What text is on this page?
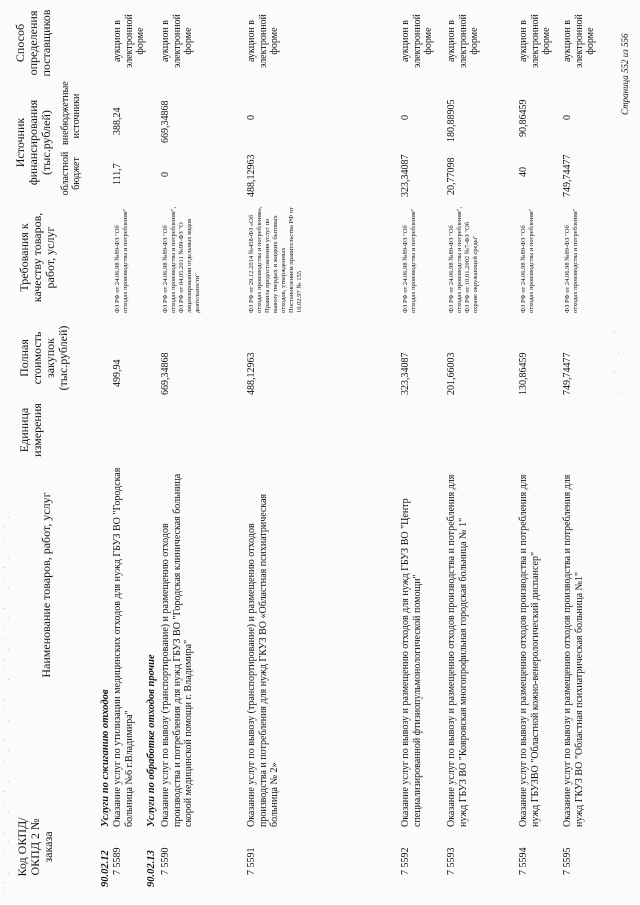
· ˙ ' . · ˙ . ' · . ˙ ' . · ˙ . ' · . ˙ ' · . ˙ ' . · ˙ . ' · . ˙ ' . · ˙ ' . Код ОКПД/ ОКПД 2 № заказа
Наименование товаров, работ, услуг
Единица измерения
Полная стоимость закупок (тыс.рублей)
Требования к качеству товаров, работ, услуг
Источник финансирования (тыс.рублей) областной бюджет
внебюджетные источники
Способ определения поставщиков
90.02.12
Услуги по сжиганию отходов
7 5589
Оказание услуг по утилизации медицинских отходов для нужд ГБУЗ ВО "Городская больница №6 г.Владимира"
499,94
ФЗ РФ от 24.06.98 №89-ФЗ "Об отходах производства и потребления"
111,7
388,24
аукцион в электронной форме
90.02.13
Услуги по обработке отходов прочие
7 5590
Оказание услуг по вывозу (транспортирование) и размещению отходов производства и потребления для нужд ГБУЗ ВО "Городская клиническая больница скорой медицинской помощи г. Владимира"
669,34868
ФЗ РФ от 24.06.98 №89-ФЗ "Об отходах производства и потребления", ФЗ РФ от 04.05.2011 №99-ФЗ "О лицензировании отдельных видов деятельности"
0
669,34868
аукцион в электронной форме
7 5591
Оказание услуг по вывозу (транспортирование) и размещению отходов производства и потребления для нужд ГКУЗ ВО «Областная психиатрическая больница № 2»
488,12963
ФЗ РФ от 29.12.2014 №458-ФЗ «Об отходах производства и потребления», Правила предоставления услуг по вывозу твердых и жидких бытовых отходов, утвержденных Постановлением правительства РФ от 10.02.97 № 155
488,12963
0
аукцион в электронной форме
7 5592
Оказание услуг по вывозу и размещению отходов для нужд ГБУЗ ВО "Центр специализированной фтизиопульмонологической помощи"
323,34087
ФЗ РФ от 24.06.98 №89-ФЗ "Об отходах производства и потребления"
323,34087
0
аукцион в электронной форме
7 5593
Оказание услуг по вывозу и размещению отходов производства и потребления для нужд ГБУЗ ВО "Ковровская многопрофильная городская больница № 1"
201,66003
ФЗ РФ от 24.06.98 №89-ФЗ "Об отходах производства и потребления", ФЗ РФ от 10.01.2002 №7-ФЗ "Об охране окружающей среды"
20,77098
180,88905
аукцион в электронной форме
7 5594
Оказание услуг по вывозу и размещению отходов производства и потребления для нужд ГБУЗВО "Областной кожно-венерологический диспансер"
130,86459
ФЗ РФ от 24.06.98 №89-ФЗ "Об отходах производства и потребления"
40
90,86459
аукцион в электронной форме
7 5595
Оказание услуг по вывозу и размещению отходов производства и потребления для нужд ГКУЗ ВО "Областная психиатрическая больница №1"
749,74477
ФЗ РФ от 24.06.98 №89-ФЗ "Об отходах производства и потребления"
749,74477
0
аукцион в электронной форме	Страница 552 из 556
· . ˙ ' · . ˙ ' · . ˙
